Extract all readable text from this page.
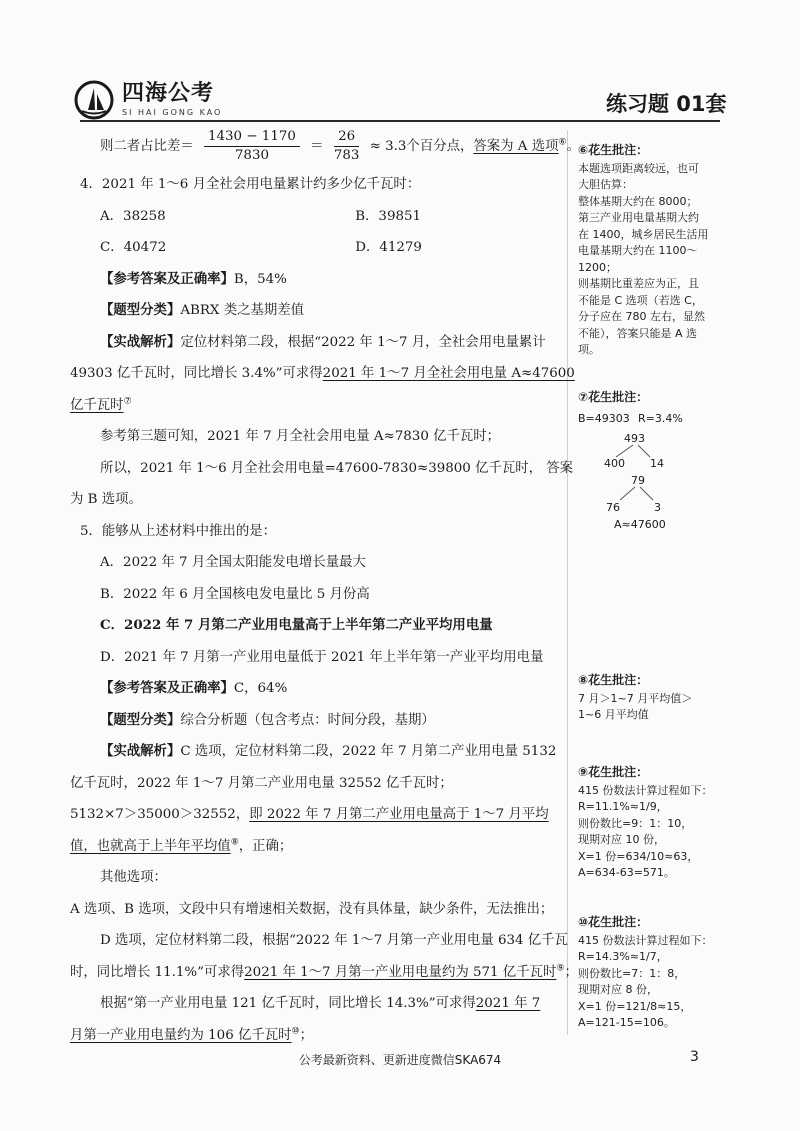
四海公考
SI HAI GONG KAO	练习题 01套
则二者占比差＝ $\frac{1430 - 1170}{7830} = \frac{26}{783} \approx 3.3$个百分点，答案为 A 选项⑥。
4．2021 年 1～6 月全社会用电量累计约多少亿千瓦时：
A．38258	B．39851
C．40472	D．41279
【参考答案及正确率】B，54%
【题型分类】ABRX 类之基期差值
【实战解析】定位材料第二段，根据“2022 年 1～7 月，全社会用电量累计
49303 亿千瓦时，同比增长 3.4%”可求得2021 年 1～7 月全社会用电量 A≈47600
亿千瓦时⑦
参考第三题可知，2021 年 7 月全社会用电量 A≈7830 亿千瓦时；
所以，2021 年 1～6 月全社会用电量=47600-7830≈39800 亿千瓦时， 答案
为 B 选项。
5．能够从上述材料中推出的是：
A．2022 年 7 月全国太阳能发电增长量最大
B．2022 年 6 月全国核电发电量比 5 月份高
C．2022 年 7 月第二产业用电量高于上半年第二产业平均用电量
D．2021 年 7 月第一产业用电量低于 2021 年上半年第一产业平均用电量
【参考答案及正确率】C，64%
【题型分类】综合分析题（包含考点：时间分段，基期）
【实战解析】C 选项，定位材料第二段，2022 年 7 月第二产业用电量 5132
亿千瓦时，2022 年 1～7 月第二产业用电量 32552 亿千瓦时；
5132×7＞35000＞32552，即 2022 年 7 月第二产业用电量高于 1～7 月平均
值，也就高于上半年平均值⑧，正确；
其他选项：
A 选项、B 选项，文段中只有增速相关数据，没有具体量，缺少条件，无法推出；
D 选项，定位材料第二段，根据“2022 年 1～7 月第一产业用电量 634 亿千瓦
时，同比增长 11.1%”可求得2021 年 1～7 月第一产业用电量约为 571 亿千瓦时⑨；
根据“第一产业用电量 121 亿千瓦时，同比增长 14.3%”可求得2021 年 7
月第一产业用电量约为 106 亿千瓦时⑩；
⑥花生批注：
本题选项距离较远，也可
大胆估算：
整体基期大约在 8000；
第三产业用电量基期大约
在 1400，城乡居民生活用
电量基期大约在 1100～
1200；
则基期比重差应为正，且
不能是 C 选项（若选 C，
分子应在 780 左右，显然
不能），答案只能是 A 选
项。
⑦花生批注：
B=49303 R=3.4%
493
400 14
79
76	3
A≈47600
⑧花生批注：
7 月＞1~7 月平均值＞
1~6 月平均值
⑨花生批注：
415 份数法计算过程如下：
R=11.1%≈1/9，
则份数比=9：1：10，
现期对应 10 份，
X=1 份=634/10≈63，
A=634-63=571。
⑩花生批注：
415 份数法计算过程如下：
R=14.3%≈1/7，
则份数比=7：1：8，
现期对应 8 份，
X=1 份=121/8≈15，
A=121-15=106。
公考最新资料、更新进度微信SKA674	3
